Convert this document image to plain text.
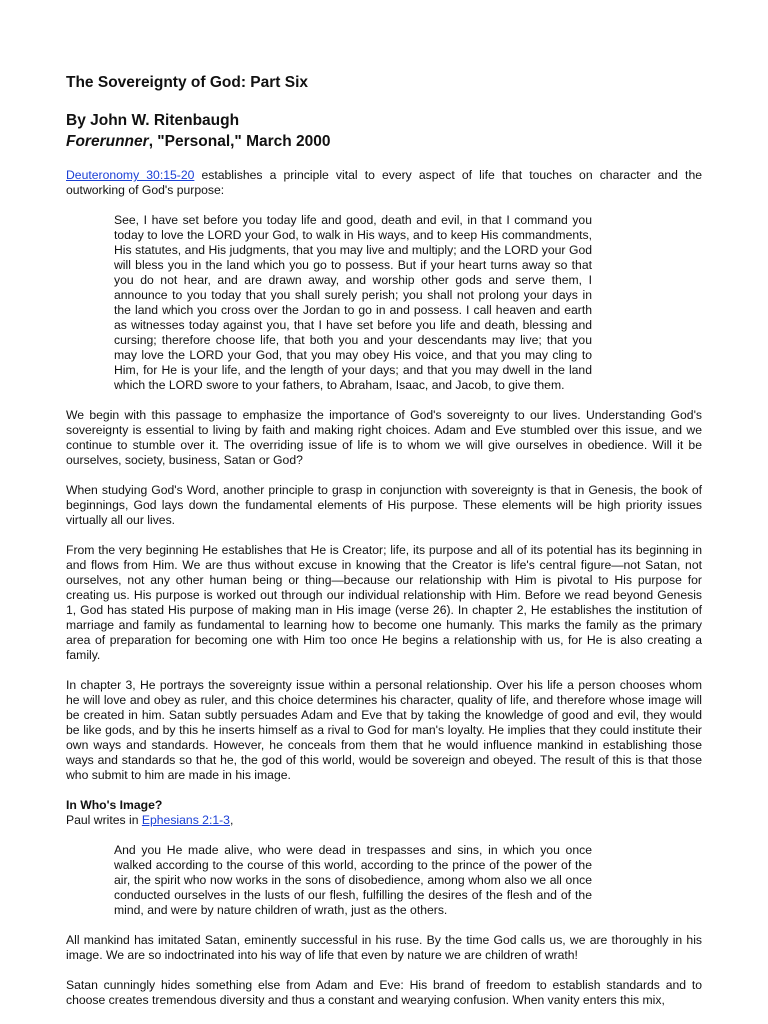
The Sovereignty of God: Part Six
By John W. Ritenbaugh
Forerunner, "Personal," March 2000

Deuteronomy 30:15-20 establishes a principle vital to every aspect of life that touches on character and the outworking of God's purpose:

See, I have set before you today life and good, death and evil, in that I command you today to love the LORD your God, to walk in His ways, and to keep His commandments, His statutes, and His judgments, that you may live and multiply; and the LORD your God will bless you in the land which you go to possess. But if your heart turns away so that you do not hear, and are drawn away, and worship other gods and serve them, I announce to you today that you shall surely perish; you shall not prolong your days in the land which you cross over the Jordan to go in and possess. I call heaven and earth as witnesses today against you, that I have set before you life and death, blessing and cursing; therefore choose life, that both you and your descendants may live; that you may love the LORD your God, that you may obey His voice, and that you may cling to Him, for He is your life, and the length of your days; and that you may dwell in the land which the LORD swore to your fathers, to Abraham, Isaac, and Jacob, to give them.

We begin with this passage to emphasize the importance of God's sovereignty to our lives. Understanding God's sovereignty is essential to living by faith and making right choices. Adam and Eve stumbled over this issue, and we continue to stumble over it. The overriding issue of life is to whom we will give ourselves in obedience. Will it be ourselves, society, business, Satan or God?

When studying God's Word, another principle to grasp in conjunction with sovereignty is that in Genesis, the book of beginnings, God lays down the fundamental elements of His purpose. These elements will be high priority issues virtually all our lives.

From the very beginning He establishes that He is Creator; life, its purpose and all of its potential has its beginning in and flows from Him. We are thus without excuse in knowing that the Creator is life's central figure—not Satan, not ourselves, not any other human being or thing—because our relationship with Him is pivotal to His purpose for creating us. His purpose is worked out through our individual relationship with Him. Before we read beyond Genesis 1, God has stated His purpose of making man in His image (verse 26). In chapter 2, He establishes the institution of marriage and family as fundamental to learning how to become one humanly. This marks the family as the primary area of preparation for becoming one with Him too once He begins a relationship with us, for He is also creating a family.

In chapter 3, He portrays the sovereignty issue within a personal relationship. Over his life a person chooses whom he will love and obey as ruler, and this choice determines his character, quality of life, and therefore whose image will be created in him. Satan subtly persuades Adam and Eve that by taking the knowledge of good and evil, they would be like gods, and by this he inserts himself as a rival to God for man's loyalty. He implies that they could institute their own ways and standards. However, he conceals from them that he would influence mankind in establishing those ways and standards so that he, the god of this world, would be sovereign and obeyed. The result of this is that those who submit to him are made in his image.

In Who's Image?
Paul writes in Ephesians 2:1-3,

And you He made alive, who were dead in trespasses and sins, in which you once walked according to the course of this world, according to the prince of the power of the air, the spirit who now works in the sons of disobedience, among whom also we all once conducted ourselves in the lusts of our flesh, fulfilling the desires of the flesh and of the mind, and were by nature children of wrath, just as the others.

All mankind has imitated Satan, eminently successful in his ruse. By the time God calls us, we are thoroughly in his image. We are so indoctrinated into his way of life that even by nature we are children of wrath!

Satan cunningly hides something else from Adam and Eve: His brand of freedom to establish standards and to choose creates tremendous diversity and thus a constant and wearying confusion. When vanity enters this mix,
